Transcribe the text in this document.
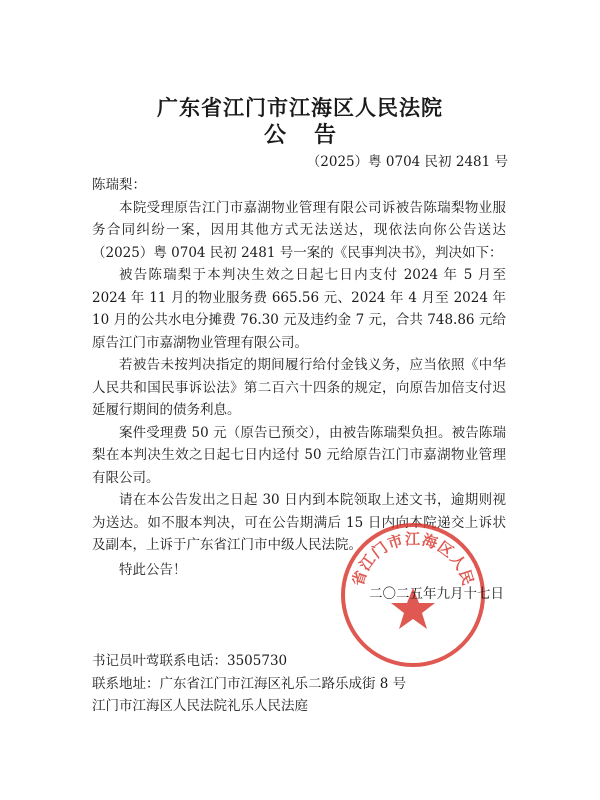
广东省江门市江海区人民法院
公告
（2025）粤 0704 民初 2481 号

陈瑞梨：

本院受理原告江门市嘉湖物业管理有限公司诉被告陈瑞梨物业服务合同纠纷一案，因用其他方式无法送达，现依法向你公告送达（2025）粤 0704 民初 2481 号一案的《民事判决书》，判决如下：

被告陈瑞梨于本判决生效之日起七日内支付 2024 年 5 月至 2024 年 11 月的物业服务费 665.56 元、2024 年 4 月至 2024 年 10 月的公共水电分摊费 76.30 元及违约金 7 元，合共 748.86 元给原告江门市嘉湖物业管理有限公司。

若被告未按判决指定的期间履行给付金钱义务，应当依照《中华人民共和国民事诉讼法》第二百六十四条的规定，向原告加倍支付迟延履行期间的债务利息。

案件受理费 50 元（原告已预交），由被告陈瑞梨负担。被告陈瑞梨在本判决生效之日起七日内迳付 50 元给原告江门市嘉湖物业管理有限公司。

请在本公告发出之日起 30 日内到本院领取上述文书，逾期则视为送达。如不服本判决，可在公告期满后 15 日内向本院递交上诉状及副本，上诉于广东省江门市中级人民法院。

特此公告！	省江门市江海区人民
二〇二五年九月十七日
书记员叶莺联系电话：3505730
联系地址：广东省江门市江海区礼乐二路乐成街 8 号
江门市江海区人民法院礼乐人民法庭
